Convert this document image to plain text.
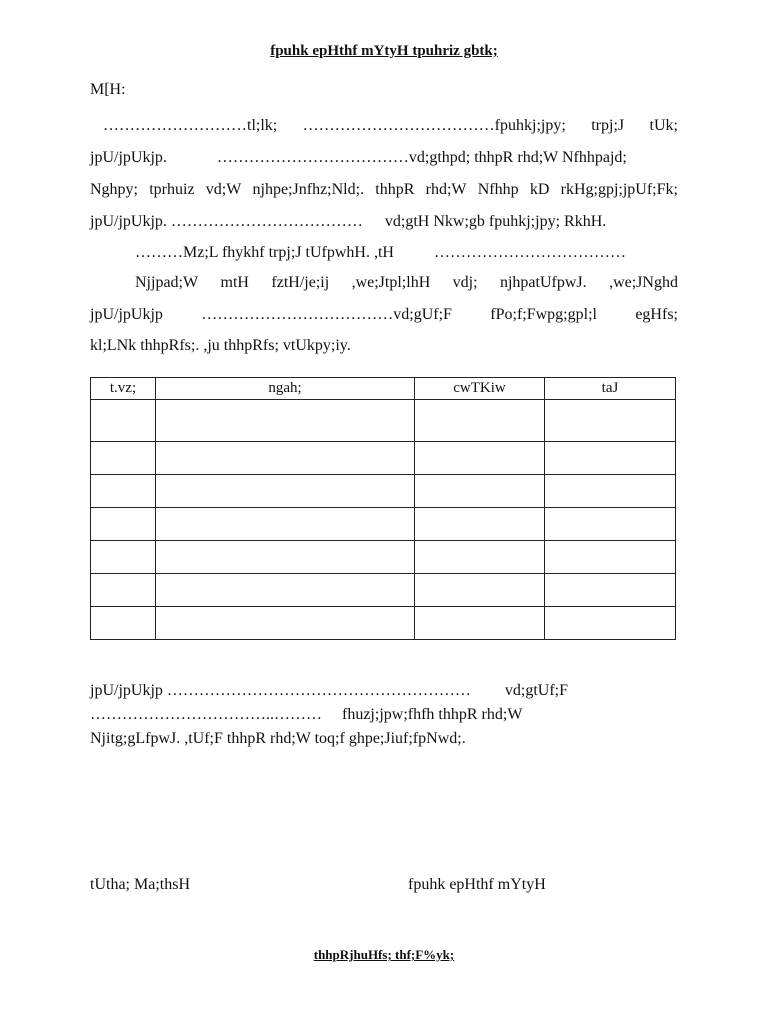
fpuhk epHthf mYtyH tpuhriz gbtk;
M[H:
………………………tl;lk; ………………………………fpuhkj;jpy; trpj;J tUk;
jpU/jpUkjp.	………………………………vd;gthpd; thhpR rhd;W Nfhhpajd;
Nghpy; tprhuiz vd;W njhpe;Jnfhz;Nld;. thhpR rhd;W Nfhhp kD rkHg;gpj;jpUf;Fk;
jpU/jpUkjp. ……………………………… vd;gtH Nkw;gb fpuhkj;jpy; RkhH.
………Mz;L fhykhf trpj;J tUfpwhH. ,tH	………………………………
Njjpad;W mtH fztH/je;ij ,we;Jtpl;lhH vdj; njhpatUfpwJ. ,we;JNghd
jpU/jpUkjp ………………………………vd;gUf;F fPo;f;Fwpg;gpl;l egHfs;
kl;LNk thhpRfs;. ,ju thhpRfs; vtUkpy;iy.
t.vz;	ngah;	cwTKiw	taJ

jpU/jpUkjp ………………………………………………… vd;gtUf;F
……………………………..……… fhuzj;jpw;fhfh thhpR rhd;W
Njitg;gLfpwJ. ,tUf;F thhpR rhd;W toq;f ghpe;Jiuf;fpNwd;.
tUtha; Ma;thsH	fpuhk epHthf mYtyH
thhpRjhuHfs; thf;F%yk;
